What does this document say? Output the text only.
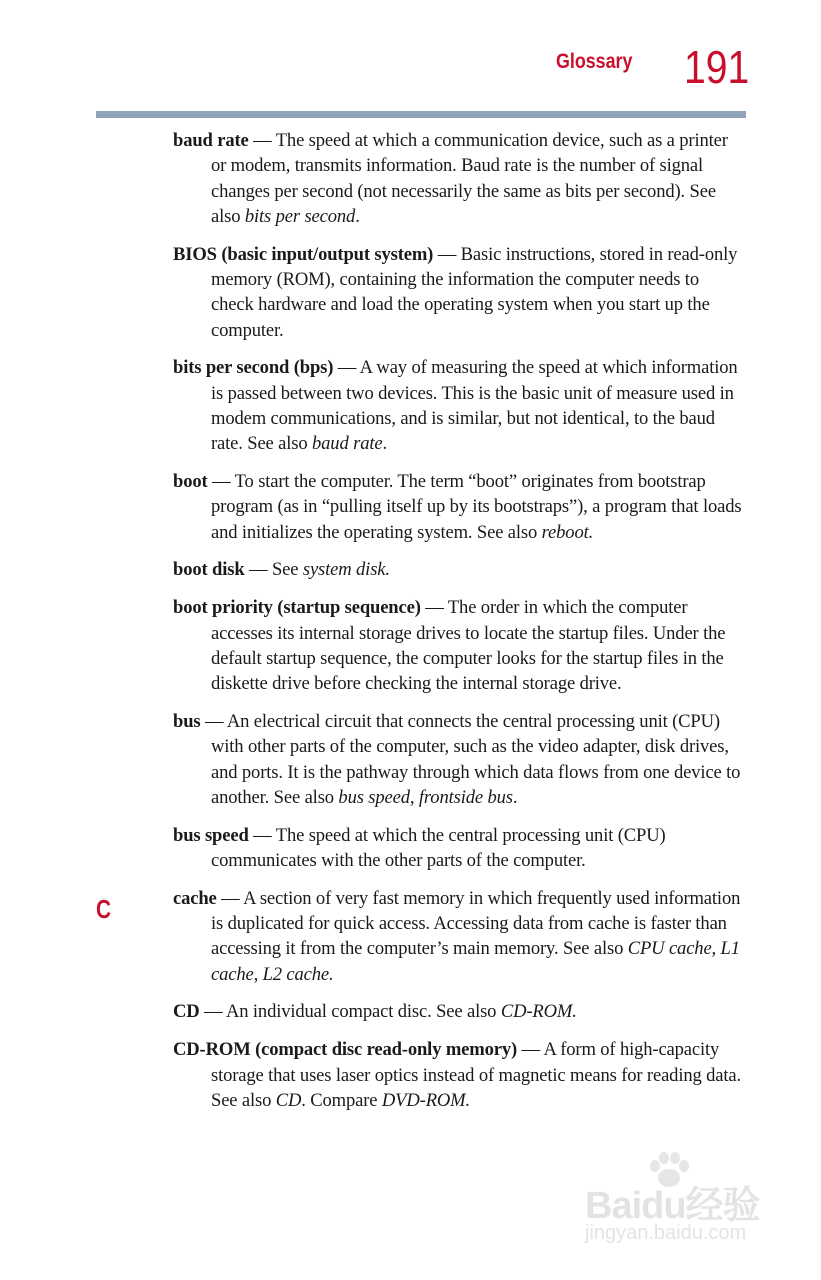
Glossary 191
C

baud rate — The speed at which a communication device, such as a printer or modem, transmits information. Baud rate is the number of signal changes per second (not necessarily the same as bits per second). See also bits per second.

BIOS (basic input/output system) — Basic instructions, stored in read-only memory (ROM), containing the information the computer needs to check hardware and load the operating system when you start up the computer.

bits per second (bps) — A way of measuring the speed at which information is passed between two devices. This is the basic unit of measure used in modem communications, and is similar, but not identical, to the baud rate. See also baud rate.

boot — To start the computer. The term “boot” originates from bootstrap program (as in “pulling itself up by its bootstraps”), a program that loads and initializes the operating system. See also reboot.

boot disk — See system disk.

boot priority (startup sequence) — The order in which the computer accesses its internal storage drives to locate the startup files. Under the default startup sequence, the computer looks for the startup files in the diskette drive before checking the internal storage drive.

bus — An electrical circuit that connects the central processing unit (CPU) with other parts of the computer, such as the video adapter, disk drives, and ports. It is the pathway through which data flows from one device to another. See also bus speed, frontside bus.

bus speed — The speed at which the central processing unit (CPU) communicates with the other parts of the computer.

cache — A section of very fast memory in which frequently used information is duplicated for quick access. Accessing data from cache is faster than accessing it from the computer’s main memory. See also CPU cache, L1 cache, L2 cache.

CD — An individual compact disc. See also CD-ROM.

CD-ROM (compact disc read-only memory) — A form of high-capacity storage that uses laser optics instead of magnetic means for reading data. See also CD. Compare DVD-ROM.

Baidu经验
jingyan.baidu.com
